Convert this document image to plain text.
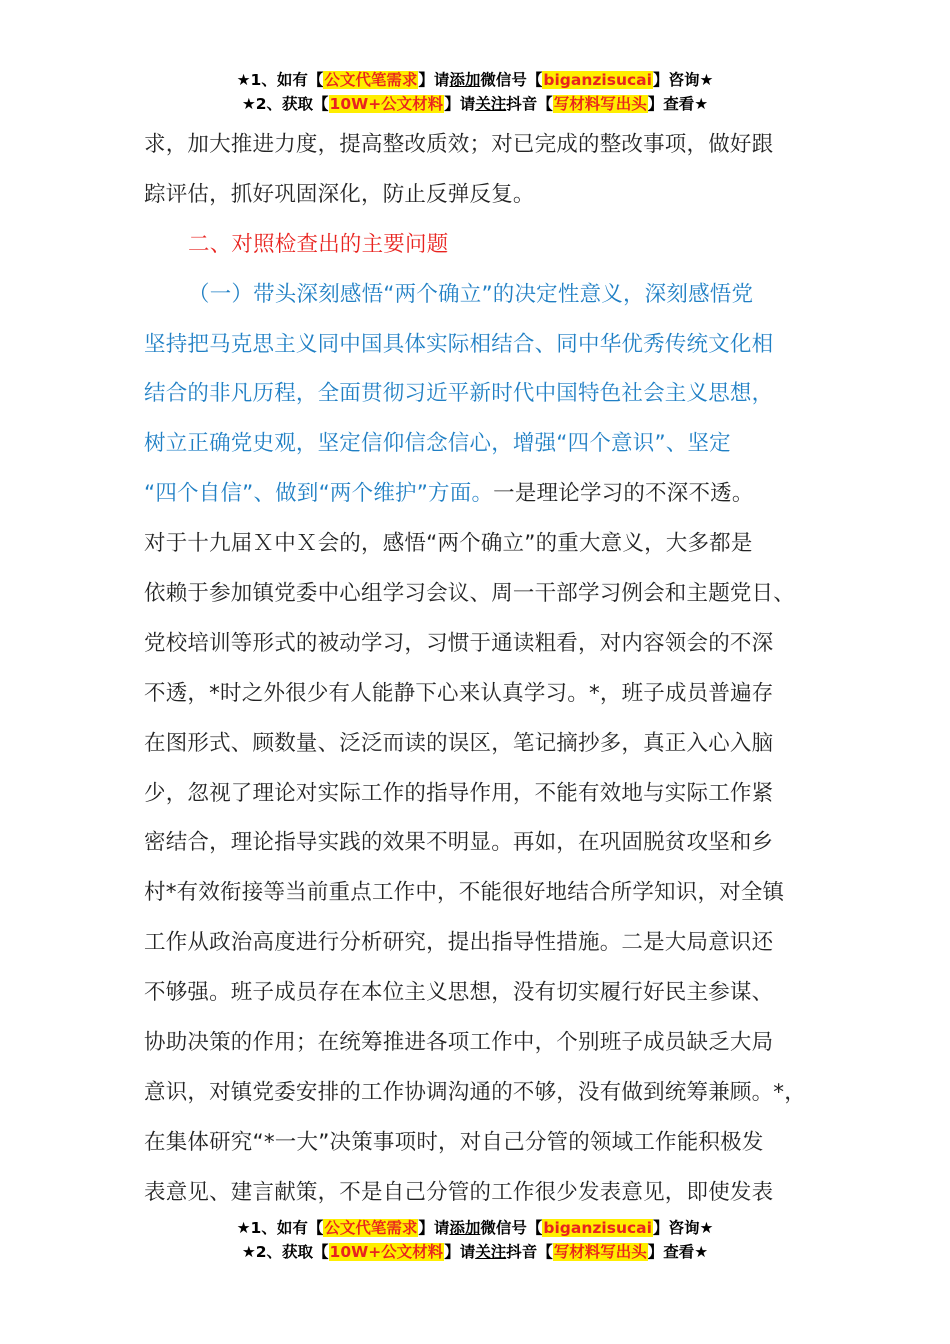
★1、如有【公文代笔需求】请添加微信号【biganzisucai】咨询★
★2、获取【10W+公文材料】请关注抖音【写材料写出头】查看★
求，加大推进力度，提高整改质效；对已完成的整改事项，做好跟
踪评估，抓好巩固深化，防止反弹反复。
二、对照检查出的主要问题
（一）带头深刻感悟“两个确立”的决定性意义，深刻感悟党
坚持把马克思主义同中国具体实际相结合、同中华优秀传统文化相
结合的非凡历程，全面贯彻习近平新时代中国特色社会主义思想，
树立正确党史观，坚定信仰信念信心，增强“四个意识”、坚定
“四个自信”、做到“两个维护”方面。一是理论学习的不深不透。
对于十九届Ｘ中Ｘ会的，感悟“两个确立”的重大意义，大多都是
依赖于参加镇党委中心组学习会议、周一干部学习例会和主题党日、
党校培训等形式的被动学习，习惯于通读粗看，对内容领会的不深
不透，*时之外很少有人能静下心来认真学习。*，班子成员普遍存
在图形式、顾数量、泛泛而读的误区，笔记摘抄多，真正入心入脑
少，忽视了理论对实际工作的指导作用，不能有效地与实际工作紧
密结合，理论指导实践的效果不明显。再如，在巩固脱贫攻坚和乡
村*有效衔接等当前重点工作中，不能很好地结合所学知识，对全镇
工作从政治高度进行分析研究，提出指导性措施。二是大局意识还
不够强。班子成员存在本位主义思想，没有切实履行好民主参谋、
协助决策的作用；在统筹推进各项工作中，个别班子成员缺乏大局
意识，对镇党委安排的工作协调沟通的不够，没有做到统筹兼顾。*，
在集体研究“*一大”决策事项时，对自己分管的领域工作能积极发
表意见、建言献策，不是自己分管的工作很少发表意见，即使发表
★1、如有【公文代笔需求】请添加微信号【biganzisucai】咨询★
★2、获取【10W+公文材料】请关注抖音【写材料写出头】查看★
